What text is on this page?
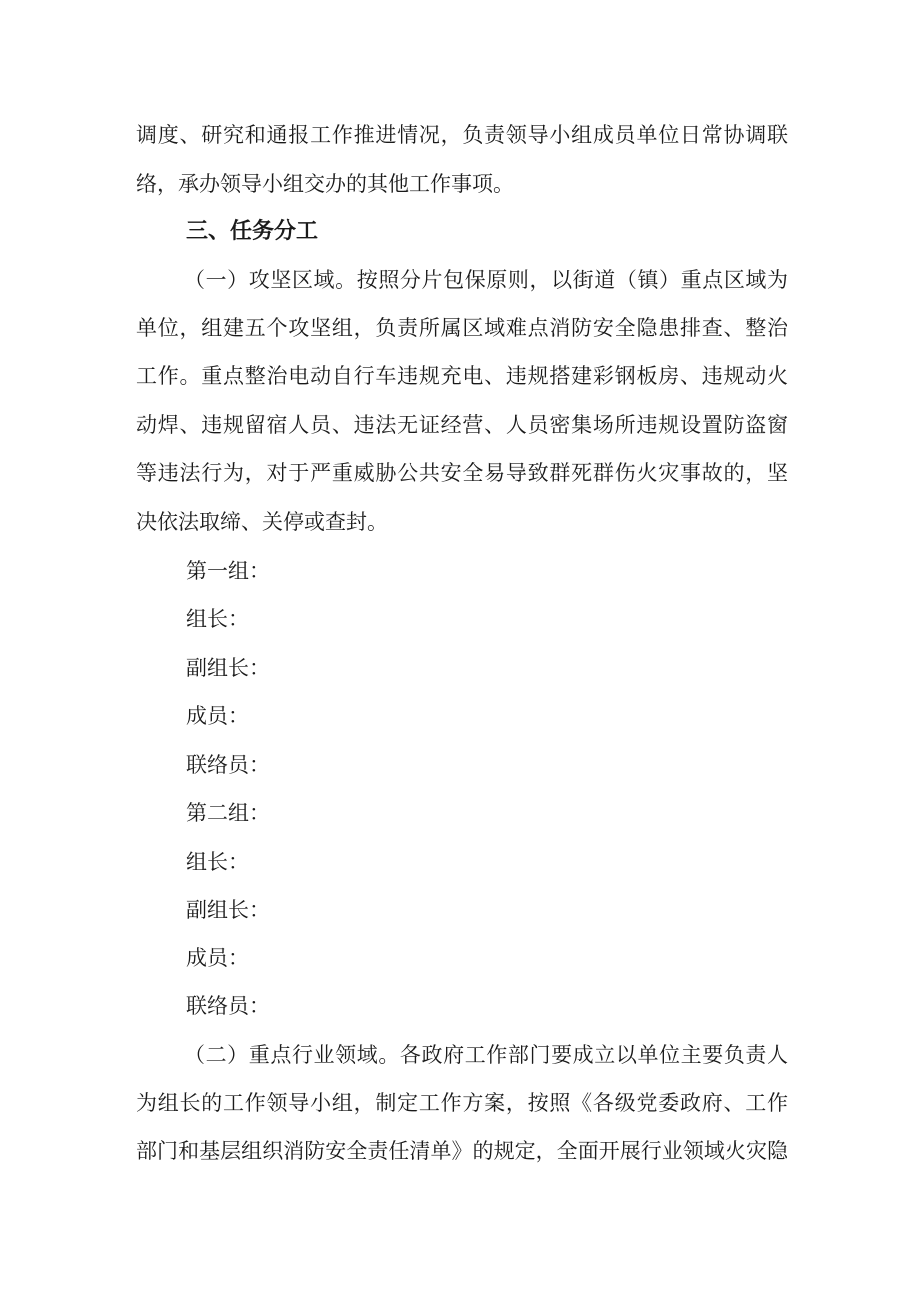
调度、研究和通报工作推进情况，负责领导小组成员单位日常协调联
络，承办领导小组交办的其他工作事项。
三、任务分工
（一）攻坚区域。按照分片包保原则，以街道（镇）重点区域为
单位，组建五个攻坚组，负责所属区域难点消防安全隐患排查、整治
工作。重点整治电动自行车违规充电、违规搭建彩钢板房、违规动火
动焊、违规留宿人员、违法无证经营、人员密集场所违规设置防盗窗
等违法行为，对于严重威胁公共安全易导致群死群伤火灾事故的，坚
决依法取缔、关停或查封。
第一组：
组长：
副组长：
成员：
联络员：
第二组：
组长：
副组长：
成员：
联络员：
（二）重点行业领域。各政府工作部门要成立以单位主要负责人
为组长的工作领导小组，制定工作方案，按照《各级党委政府、工作
部门和基层组织消防安全责任清单》的规定，全面开展行业领域火灾隐
